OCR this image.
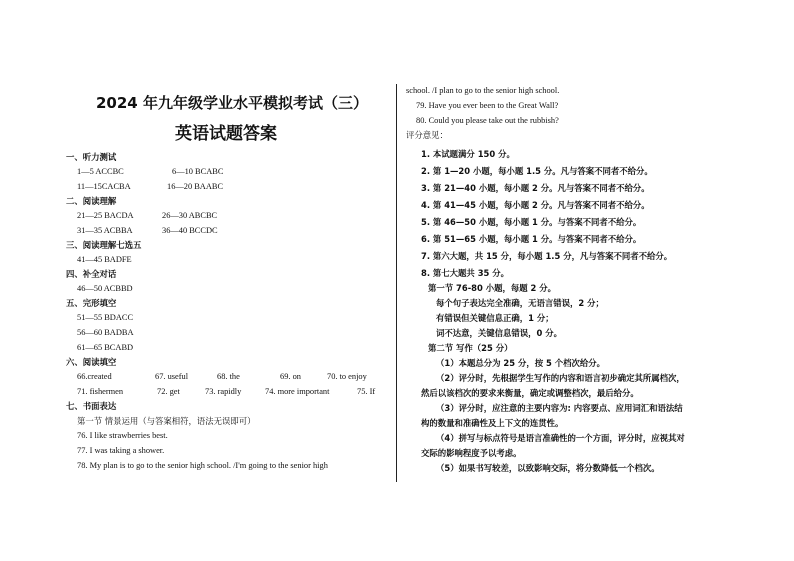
2024 年九年级学业水平模拟考试（三）
英语试题答案
一、听力测试
1—5 ACCBC	6—10 BCABC
11—15CACBA	16—20 BAABC
二、阅读理解
21—25 BACDA	26—30 ABCBC
31—35 ACBBA	36—40 BCCDC
三、阅读理解七选五
41—45 BADFE
四、补全对话
46—50 ACBBD
五、完形填空
51—55 BDACC
56—60 BADBA
61—65 BCABD
六、阅读填空
66.created	67. useful	68. the	69. on	70. to enjoy
71. fishermen	72. get	73. rapidly	74. more important	75. If
七、书面表达
第一节 情景运用（与答案相符，语法无误即可）
76. I like strawberries best.
77. I was taking a shower.
78. My plan is to go to the senior high school. /I'm going to the senior high
school. /I plan to go to the senior high school.
79. Have you ever been to the Great Wall?
80. Could you please take out the rubbish?
评分意见：
1. 本试题满分 150 分。
2. 第 1—20 小题，每小题 1.5 分。凡与答案不同者不给分。
3. 第 21—40 小题，每小题 2 分。凡与答案不同者不给分。
4. 第 41—45 小题，每小题 2 分。凡与答案不同者不给分。
5. 第 46—50 小题，每小题 1 分。与答案不同者不给分。
6. 第 51—65 小题，每小题 1 分。与答案不同者不给分。
7. 第六大题，共 15 分，每小题 1.5 分，凡与答案不同者不给分。
8. 第七大题共 35 分。
第一节 76-80 小题，每题 2 分。
每个句子表达完全准确，无语言错误，2 分；
有错误但关键信息正确，1 分；
词不达意，关键信息错误，0 分。
第二节 写作（25 分）
（1）本题总分为 25 分，按 5 个档次给分。
（2）评分时，先根据学生写作的内容和语言初步确定其所属档次，
然后以该档次的要求来衡量，确定或调整档次，最后给分。
（3）评分时，应注意的主要内容为: 内容要点、应用词汇和语法结
构的数量和准确性及上下文的连贯性。
（4）拼写与标点符号是语言准确性的一个方面，评分时，应视其对
交际的影响程度予以考虑。
（5）如果书写较差，以致影响交际，将分数降低一个档次。
